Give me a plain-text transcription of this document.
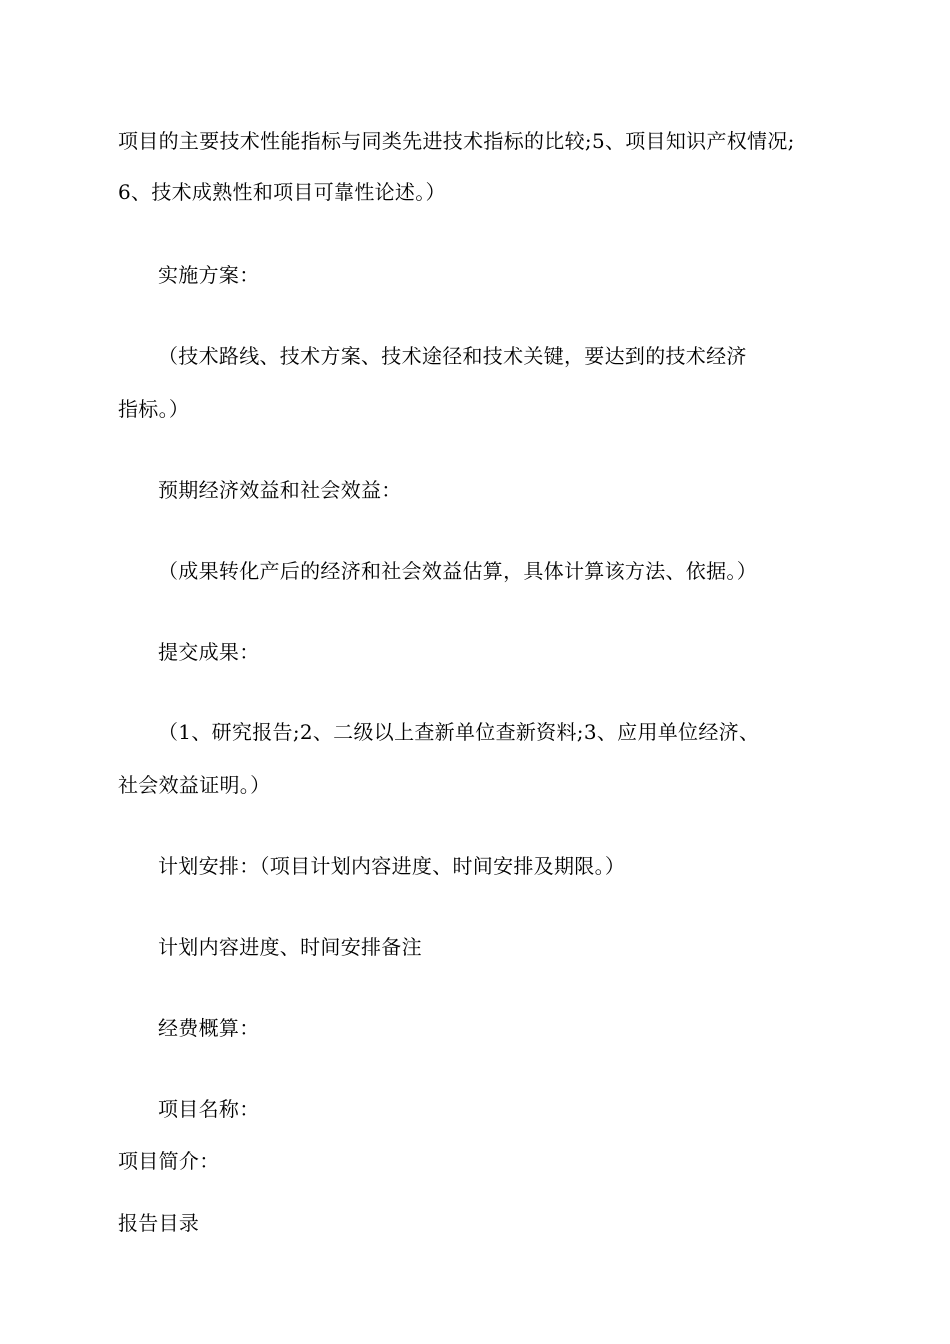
项目的主要技术性能指标与同类先进技术指标的比较;5、项目知识产权情况;
6、技术成熟性和项目可靠性论述。）
实施方案：
（技术路线、技术方案、技术途径和技术关键，要达到的技术经济
指标。）
预期经济效益和社会效益：
（成果转化产后的经济和社会效益估算，具体计算该方法、依据。）
提交成果：
（1、研究报告;2、二级以上查新单位查新资料;3、应用单位经济、
社会效益证明。）
计划安排：（项目计划内容进度、时间安排及期限。）
计划内容进度、时间安排备注
经费概算：
项目名称：
项目简介：
报告目录
